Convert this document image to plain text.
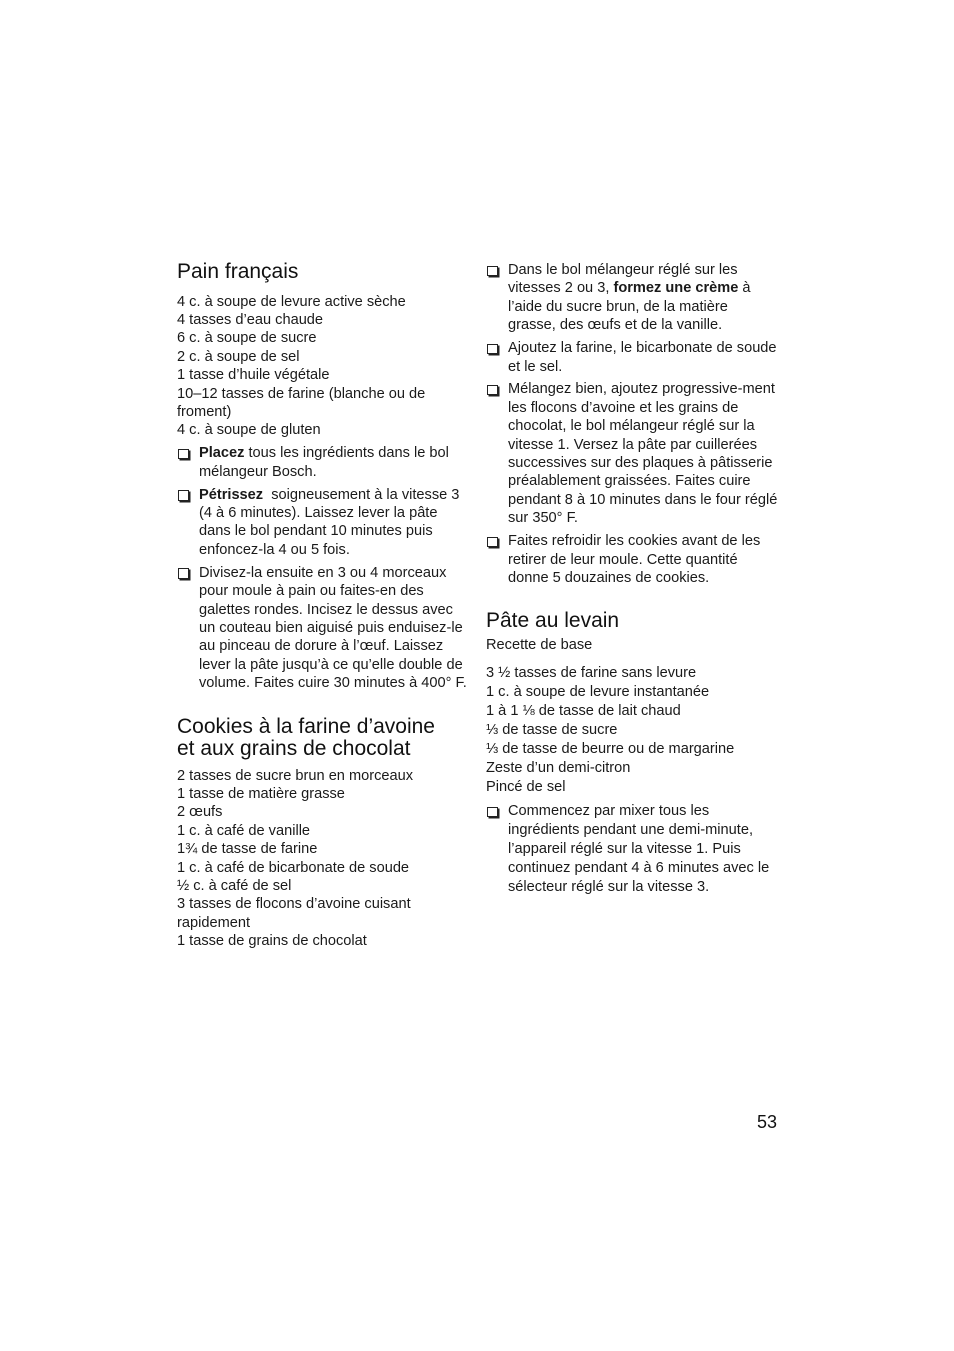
Pain français
4 c. à soupe de levure active sèche
4 tasses d’eau chaude
6 c. à soupe de sucre
2 c. à soupe de sel
1 tasse d’huile végétale
10–12 tasses de farine (blanche ou de froment)
4 c. à soupe de gluten
Placez tous les ingrédients dans le bol mélangeur Bosch.
Pétrissez  soigneusement à la vitesse 3 (4 à 6 minutes). Laissez lever la pâte dans le bol pendant 10 minutes puis enfoncez-la 4 ou 5 fois.
Divisez-la ensuite en 3 ou 4 morceaux pour moule à pain ou faites-en des galettes rondes. Incisez le dessus avec un couteau bien aiguisé puis enduisez-le au pinceau de dorure à l’œuf. Laissez lever la pâte jusqu’à ce qu’elle double de volume. Faites cuire 30 minutes à 400° F.
Cookies à la farine d’avoine
et aux grains de chocolat
2 tasses de sucre brun en morceaux
1 tasse de matière grasse
2 œufs
1 c. à café de vanille
1¾ de tasse de farine
1 c. à café de bicarbonate de soude
½ c. à café de sel
3 tasses de flocons d’avoine cuisant rapidement
1 tasse de grains de chocolat
Dans le bol mélangeur réglé sur les vitesses 2 ou 3, formez une crème à l’aide du sucre brun, de la matière grasse, des œufs et de la vanille.
Ajoutez la farine, le bicarbonate de soude et le sel.
Mélangez bien, ajoutez progressive-ment les flocons d’avoine et les grains de chocolat, le bol mélangeur réglé sur la vitesse 1. Versez la pâte par cuillerées successives sur des plaques à pâtisserie préalablement graissées. Faites cuire pendant 8 à 10 minutes dans le four réglé sur 350° F.
Faites refroidir les cookies avant de les retirer de leur moule. Cette quantité donne 5 douzaines de cookies.
Pâte au levain
Recette de base
3 ½ tasses de farine sans levure
1 c. à soupe de levure instantanée
1 à 1 ⅛ de tasse de lait chaud
⅓ de tasse de sucre
⅓ de tasse de beurre ou de margarine
Zeste d’un demi-citron
Pincé de sel
Commencez par mixer tous les ingrédients pendant une demi-minute, l’appareil réglé sur la vitesse 1. Puis continuez pendant 4 à 6 minutes avec le sélecteur réglé sur la vitesse 3.
53
